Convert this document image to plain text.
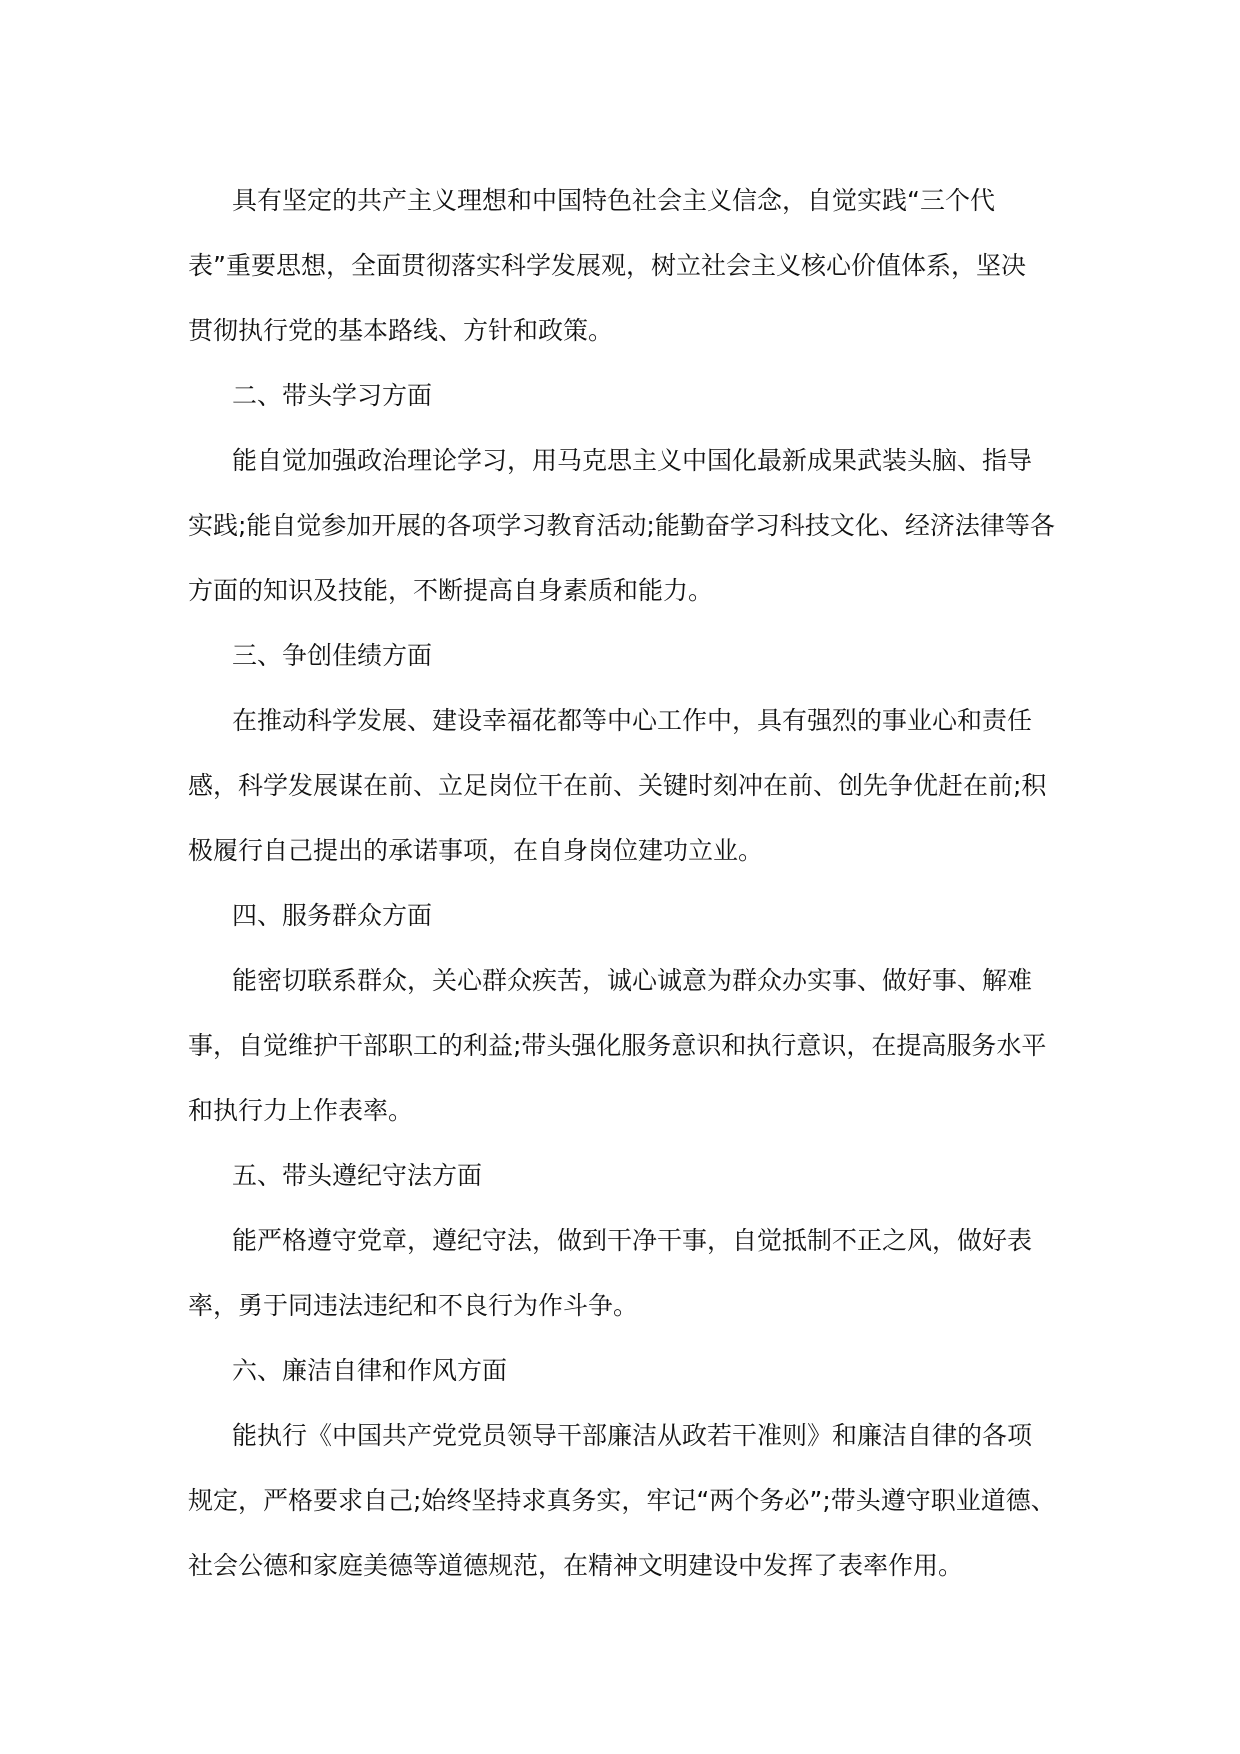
具有坚定的共产主义理想和中国特色社会主义信念，自觉实践“三个代
表”重要思想，全面贯彻落实科学发展观，树立社会主义核心价值体系，坚决
贯彻执行党的基本路线、方针和政策。
二、带头学习方面
能自觉加强政治理论学习，用马克思主义中国化最新成果武装头脑、指导
实践;能自觉参加开展的各项学习教育活动;能勤奋学习科技文化、经济法律等各
方面的知识及技能，不断提高自身素质和能力。
三、争创佳绩方面
在推动科学发展、建设幸福花都等中心工作中，具有强烈的事业心和责任
感，科学发展谋在前、立足岗位干在前、关键时刻冲在前、创先争优赶在前;积
极履行自己提出的承诺事项，在自身岗位建功立业。
四、服务群众方面
能密切联系群众，关心群众疾苦，诚心诚意为群众办实事、做好事、解难
事，自觉维护干部职工的利益;带头强化服务意识和执行意识，在提高服务水平
和执行力上作表率。
五、带头遵纪守法方面
能严格遵守党章，遵纪守法，做到干净干事，自觉抵制不正之风，做好表
率，勇于同违法违纪和不良行为作斗争。
六、廉洁自律和作风方面
能执行《中国共产党党员领导干部廉洁从政若干准则》和廉洁自律的各项
规定，严格要求自己;始终坚持求真务实，牢记“两个务必”;带头遵守职业道德、
社会公德和家庭美德等道德规范，在精神文明建设中发挥了表率作用。
